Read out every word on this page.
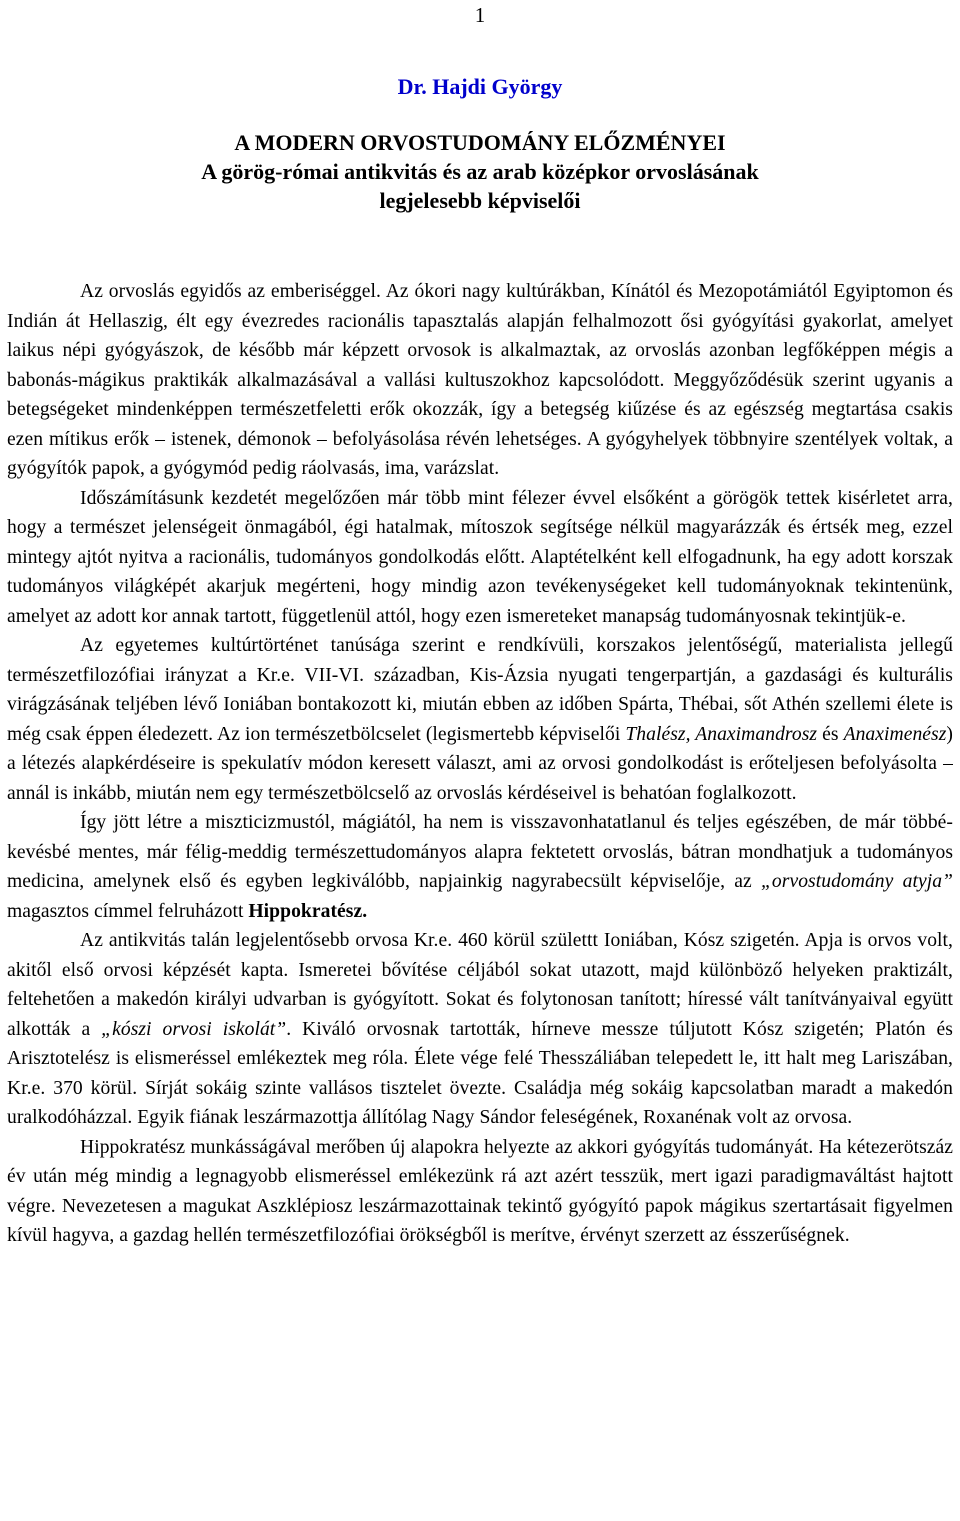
1
Dr. Hajdi György
A MODERN ORVOSTUDOMÁNY ELŐZMÉNYEI
A görög-római antikvitás és az arab középkor orvoslásának
legjelesebb képviselői

Az orvoslás egyidős az emberiséggel. Az ókori nagy kultúrákban, Kínától és Mezopotámiától Egyiptomon és Indián át Hellaszig, élt egy évezredes racionális tapasztalás alapján felhalmozott ősi gyógyítási gyakorlat, amelyet laikus népi gyógyászok, de később már képzett orvosok is alkalmaztak, az orvoslás azonban legfőképpen mégis a babonás-mágikus praktikák alkalmazásával a vallási kultuszokhoz kapcsolódott. Meggyőződésük szerint ugyanis a betegségeket mindenképpen természetfeletti erők okozzák, így a betegség kiűzése és az egészség megtartása csakis ezen mítikus erők – istenek, démonok – befolyásolása révén lehetséges. A gyógyhelyek többnyire szentélyek voltak, a gyógyítók papok, a gyógymód pedig ráolvasás, ima, varázslat.

Időszámításunk kezdetét megelőzően már több mint félezer évvel elsőként a görögök tettek kisérletet arra, hogy a természet jelenségeit önmagából, égi hatalmak, mítoszok segítsége nélkül magyarázzák és értsék meg, ezzel mintegy ajtót nyitva a racionális, tudományos gondolkodás előtt. Alaptételként kell elfogadnunk, ha egy adott korszak tudományos világképét akarjuk megérteni, hogy mindig azon tevékenységeket kell tudományoknak tekintenünk, amelyet az adott kor annak tartott, függetlenül attól, hogy ezen ismereteket manapság tudományosnak tekintjük-e.

Az egyetemes kultúrtörténet tanúsága szerint e rendkívüli, korszakos jelentőségű, materialista jellegű természetfilozófiai irányzat a Kr.e. VII-VI. században, Kis-Ázsia nyugati tengerpartján, a gazdasági és kulturális virágzásának teljében lévő Ioniában bontakozott ki, miután ebben az időben Spárta, Thébai, sőt Athén szellemi élete is még csak éppen éledezett. Az ion természetbölcselet (legismertebb képviselői Thalész, Anaximandrosz és Anaximenész) a létezés alapkérdéseire is spekulatív módon keresett választ, ami az orvosi gondolkodást is erőteljesen befolyásolta – annál is inkább, miután nem egy természetbölcselő az orvoslás kérdéseivel is behatóan foglalkozott.

Így jött létre a miszticizmustól, mágiától, ha nem is visszavonhatatlanul és teljes egészében, de már többé-kevésbé mentes, már félig-meddig természettudományos alapra fektetett orvoslás, bátran mondhatjuk a tudományos medicina, amelynek első és egyben legkiválóbb, napjainkig nagyrabecsült képviselője, az „orvostudomány atyja” magasztos címmel felruházott Hippokratész.

Az antikvitás talán legjelentősebb orvosa Kr.e. 460 körül születtt Ioniában, Kósz szigetén. Apja is orvos volt, akitől első orvosi képzését kapta. Ismeretei bővítése céljából sokat utazott, majd különböző helyeken praktizált, feltehetően a makedón királyi udvarban is gyógyított. Sokat és folytonosan tanított; híressé vált tanítványaival együtt alkották a „kószi orvosi iskolát”. Kiváló orvosnak tartották, hírneve messze túljutott Kósz szigetén; Platón és Arisztotelész is elismeréssel emlékeztek meg róla. Élete vége felé Thesszáliában telepedett le, itt halt meg Lariszában, Kr.e. 370 körül. Sírját sokáig szinte vallásos tisztelet övezte. Családja még sokáig kapcsolatban maradt a makedón uralkodóházzal. Egyik fiának leszármazottja állítólag Nagy Sándor feleségének, Roxanénak volt az orvosa.

Hippokratész munkásságával merőben új alapokra helyezte az akkori gyógyítás tudományát. Ha kétezerötszáz év után még mindig a legnagyobb elismeréssel emlékezünk rá azt azért tesszük, mert igazi paradigmaváltást hajtott végre. Nevezetesen a magukat Aszklépiosz leszármazottainak tekintő gyógyító papok mágikus szertartásait figyelmen kívül hagyva, a gazdag hellén természetfilozófiai örökségből is merítve, érvényt szerzett az ésszerűségnek.
